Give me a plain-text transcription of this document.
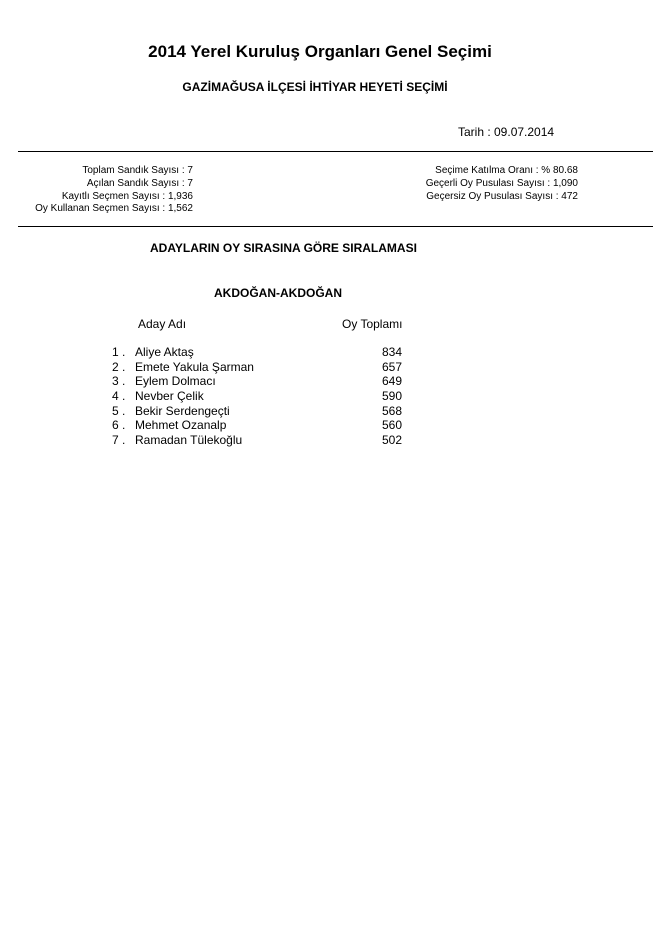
2014 Yerel Kuruluş Organları Genel Seçimi
GAZİMAĞUSA İLÇESİ İHTİYAR HEYETİ SEÇİMİ
Tarih : 09.07.2014
Toplam Sandık Sayısı : 7
Açılan Sandık Sayısı : 7
Kayıtlı Seçmen Sayısı : 1,936
Oy Kullanan Seçmen Sayısı : 1,562
Seçime Katılma Oranı : % 80.68
Geçerli Oy Pusulası Sayısı : 1,090
Geçersiz Oy Pusulası Sayısı : 472
ADAYLARIN OY SIRASINA GÖRE SIRALAMASI
AKDOĞAN-AKDOĞAN
Aday Adı	Oy Toplamı
1 . Aliye Aktaş	834
2 . Emete Yakula Şarman	657
3 . Eylem Dolmacı	649
4 . Nevber Çelik	590
5 . Bekir Serdengeçti	568
6 . Mehmet Ozanalp	560
7 . Ramadan Tülekoğlu	502
